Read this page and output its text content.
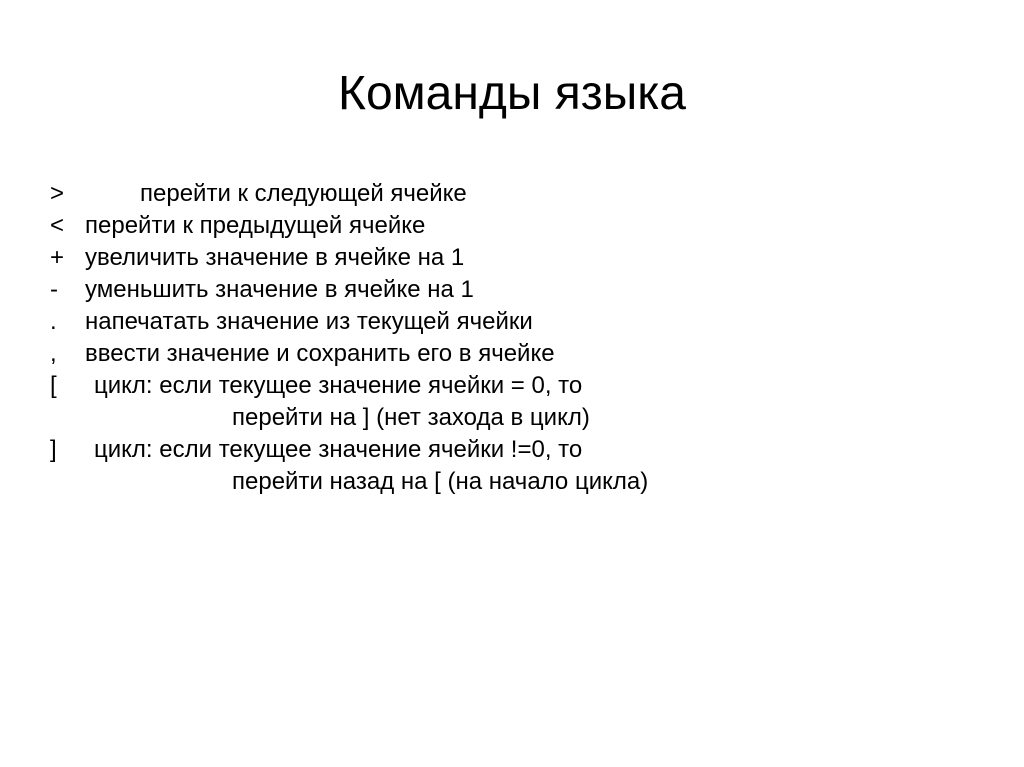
Команды языка
>	перейти к следующей ячейке
< перейти к предыдущей ячейке
+ увеличить значение в ячейке на 1
- уменьшить значение в ячейке на 1
. напечатать значение из текущей ячейки
, ввести значение и сохранить его в ячейке
[ цикл: если текущее значение ячейки = 0, то
перейти на ] (нет захода в цикл)
] цикл: если текущее значение ячейки !=0, то
перейти назад на [ (на начало цикла)
